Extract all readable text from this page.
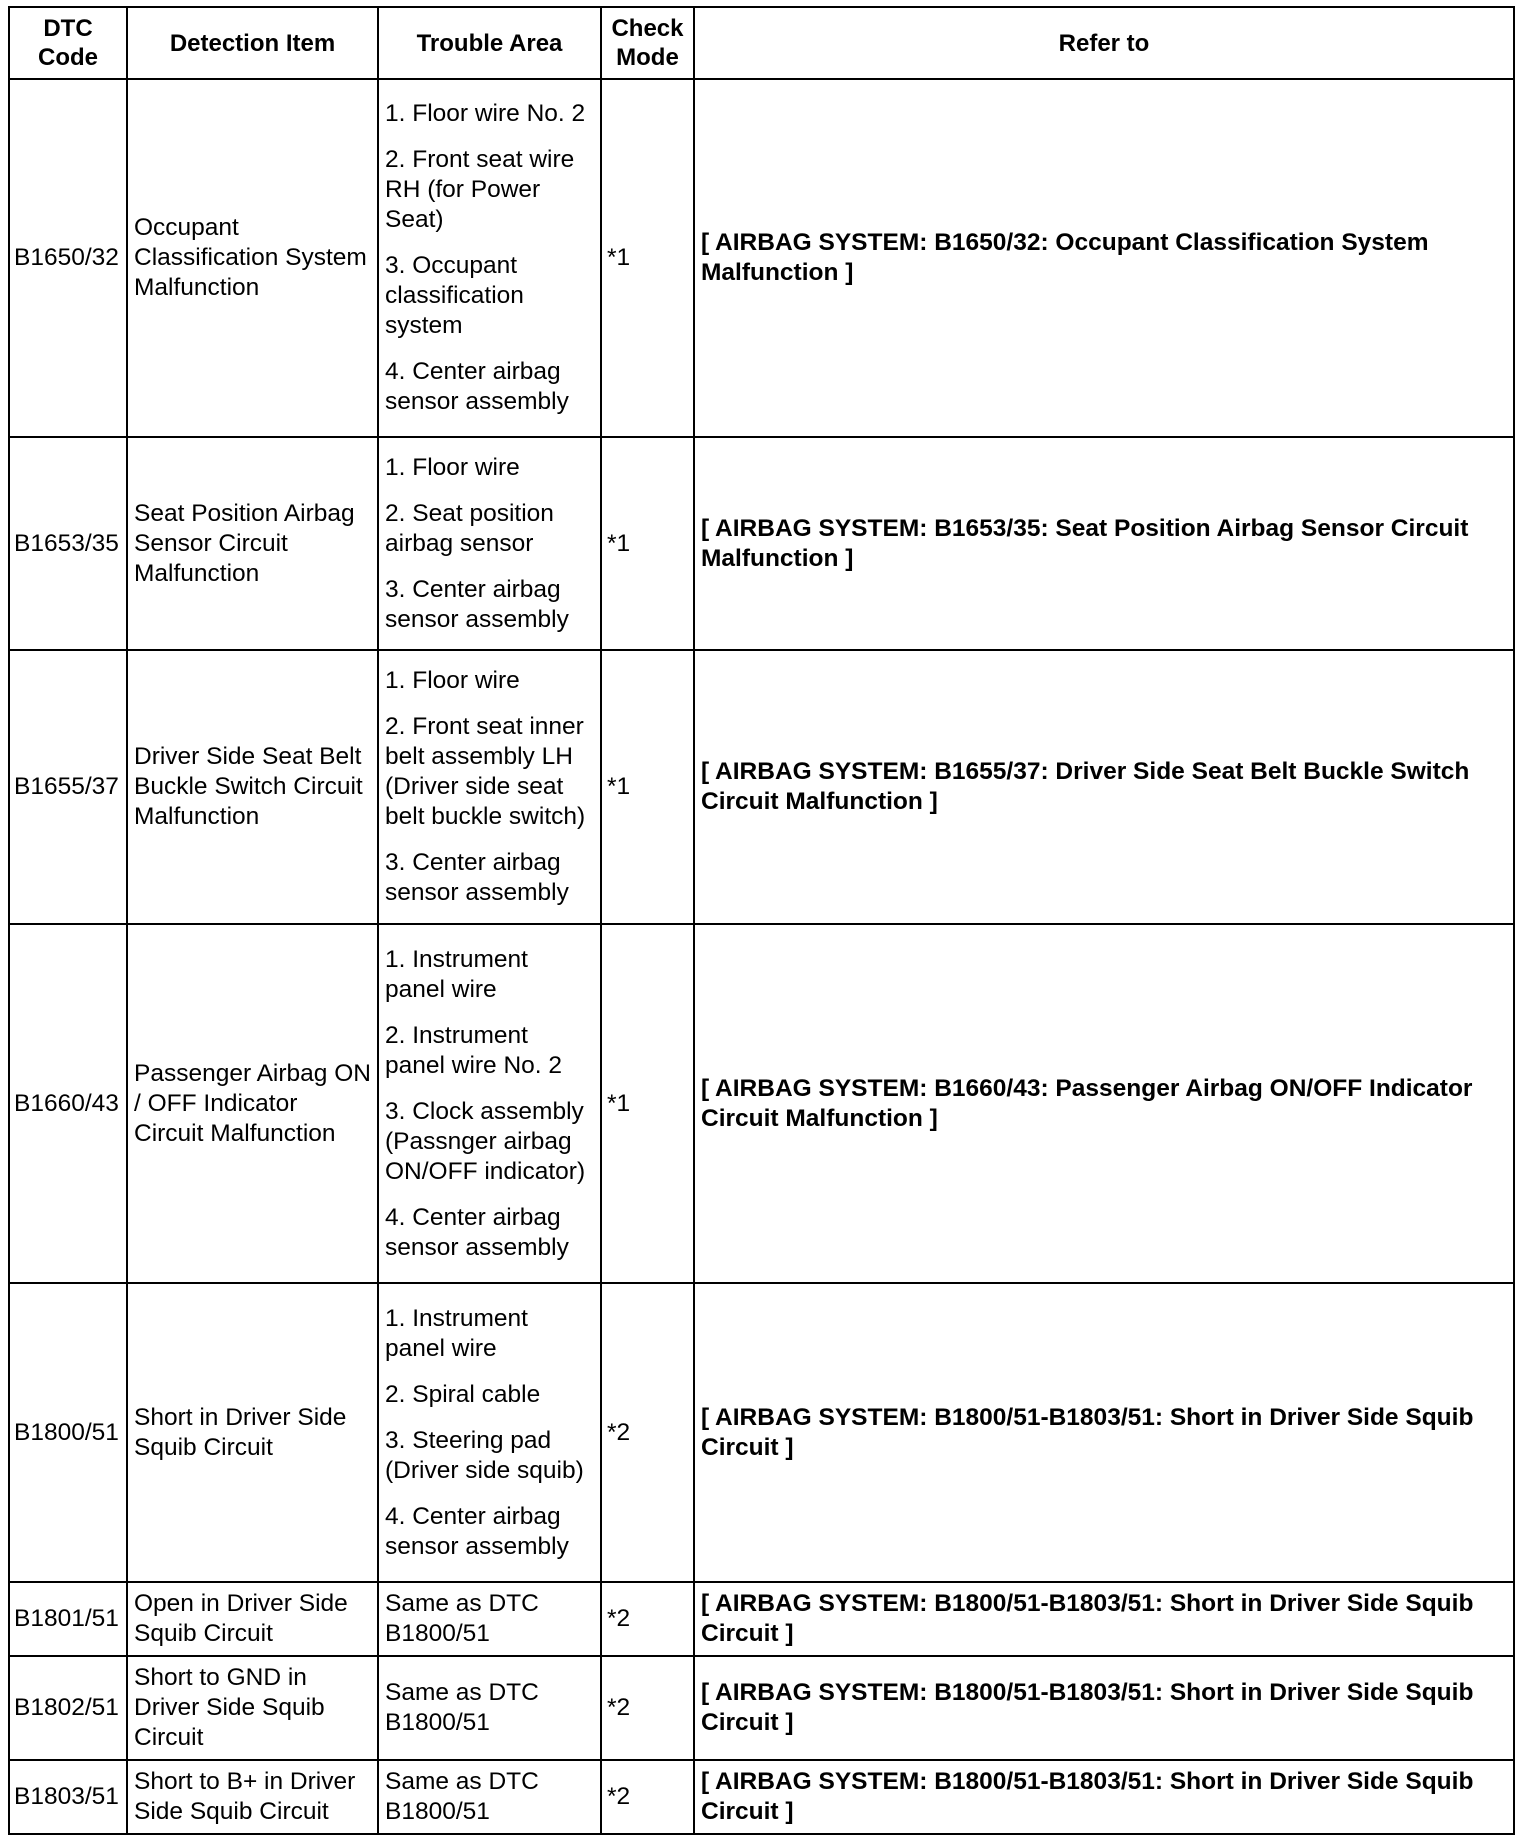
DTC Code	Detection Item	Trouble Area	Check Mode	Refer to
B1650/32	Occupant Classification System Malfunction	1. Floor wire No. 2
2. Front seat wire RH (for Power Seat)
3. Occupant classification system
4. Center airbag sensor assembly	*1	[ AIRBAG SYSTEM: B1650/32: Occupant Classification System Malfunction ]
B1653/35	Seat Position Airbag Sensor Circuit Malfunction	1. Floor wire
2. Seat position airbag sensor
3. Center airbag sensor assembly	*1	[ AIRBAG SYSTEM: B1653/35: Seat Position Airbag Sensor Circuit Malfunction ]
B1655/37	Driver Side Seat Belt Buckle Switch Circuit Malfunction	1. Floor wire
2. Front seat inner belt assembly LH (Driver side seat belt buckle switch)
3. Center airbag sensor assembly	*1	[ AIRBAG SYSTEM: B1655/37: Driver Side Seat Belt Buckle Switch Circuit Malfunction ]
B1660/43	Passenger Airbag ON / OFF Indicator Circuit Malfunction	1. Instrument panel wire
2. Instrument panel wire No. 2
3. Clock assembly (Passnger airbag ON/OFF indicator)
4. Center airbag sensor assembly	*1	[ AIRBAG SYSTEM: B1660/43: Passenger Airbag ON/OFF Indicator Circuit Malfunction ]
B1800/51	Short in Driver Side Squib Circuit	1. Instrument panel wire
2. Spiral cable
3. Steering pad (Driver side squib)
4. Center airbag sensor assembly	*2	[ AIRBAG SYSTEM: B1800/51-B1803/51: Short in Driver Side Squib Circuit ]
B1801/51	Open in Driver Side Squib Circuit	Same as DTC B1800/51	*2	[ AIRBAG SYSTEM: B1800/51-B1803/51: Short in Driver Side Squib Circuit ]
B1802/51	Short to GND in Driver Side Squib Circuit	Same as DTC B1800/51	*2	[ AIRBAG SYSTEM: B1800/51-B1803/51: Short in Driver Side Squib Circuit ]
B1803/51	Short to B+ in Driver Side Squib Circuit	Same as DTC B1800/51	*2	[ AIRBAG SYSTEM: B1800/51-B1803/51: Short in Driver Side Squib Circuit ]
